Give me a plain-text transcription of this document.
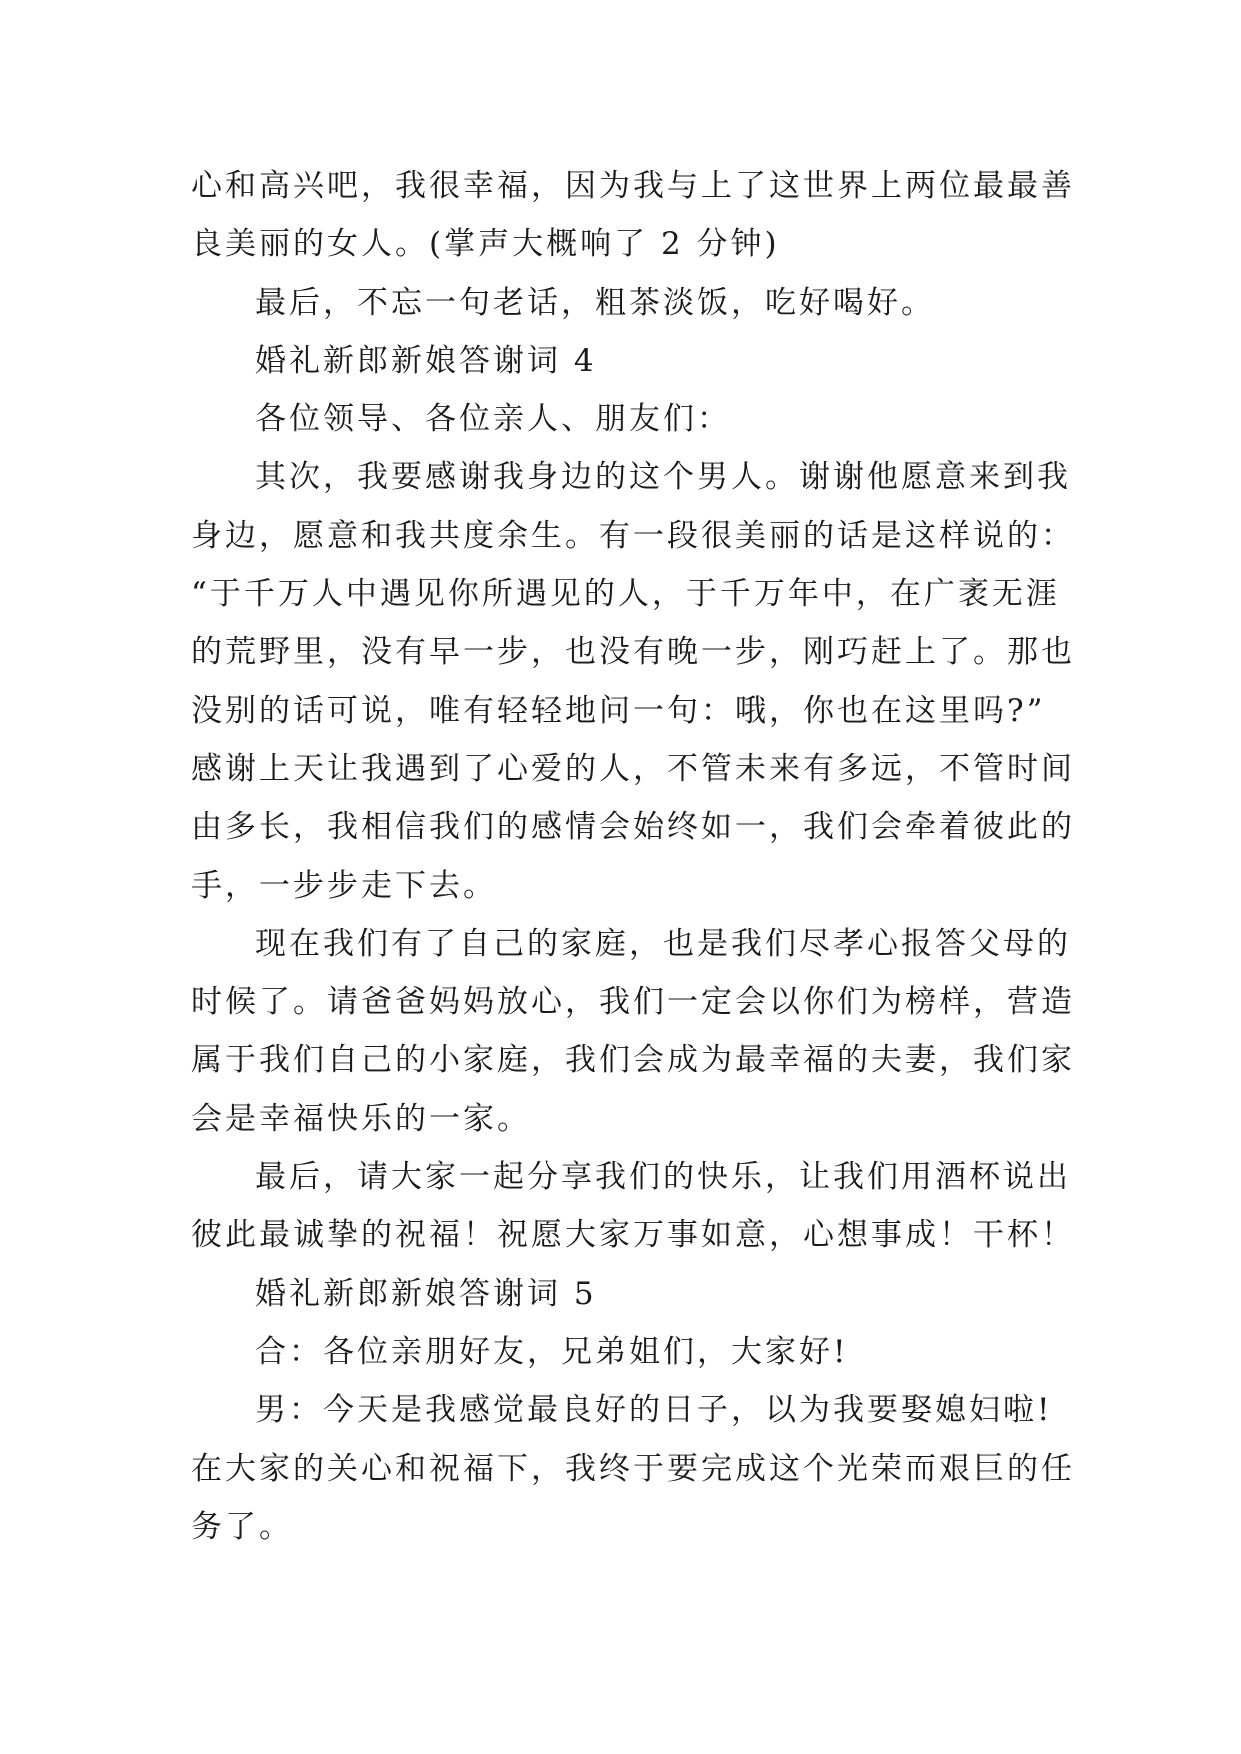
心和高兴吧，我很幸福，因为我与上了这世界上两位最最善
良美丽的女人。(掌声大概响了 2 分钟)
最后，不忘一句老话，粗茶淡饭，吃好喝好。
婚礼新郎新娘答谢词 4
各位领导、各位亲人、朋友们：
其次，我要感谢我身边的这个男人。谢谢他愿意来到我
身边，愿意和我共度余生。有一段很美丽的话是这样说的：
“于千万人中遇见你所遇见的人，于千万年中，在广袤无涯
的荒野里，没有早一步，也没有晚一步，刚巧赶上了。那也
没别的话可说，唯有轻轻地问一句：哦，你也在这里吗?”
感谢上天让我遇到了心爱的人，不管未来有多远，不管时间
由多长，我相信我们的感情会始终如一，我们会牵着彼此的
手，一步步走下去。
现在我们有了自己的家庭，也是我们尽孝心报答父母的
时候了。请爸爸妈妈放心，我们一定会以你们为榜样，营造
属于我们自己的小家庭，我们会成为最幸福的夫妻，我们家
会是幸福快乐的一家。
最后，请大家一起分享我们的快乐，让我们用酒杯说出
彼此最诚挚的祝福！祝愿大家万事如意，心想事成！干杯！
婚礼新郎新娘答谢词 5
合：各位亲朋好友，兄弟姐们，大家好!
男：今天是我感觉最良好的日子，以为我要娶媳妇啦!
在大家的关心和祝福下，我终于要完成这个光荣而艰巨的任
务了。
